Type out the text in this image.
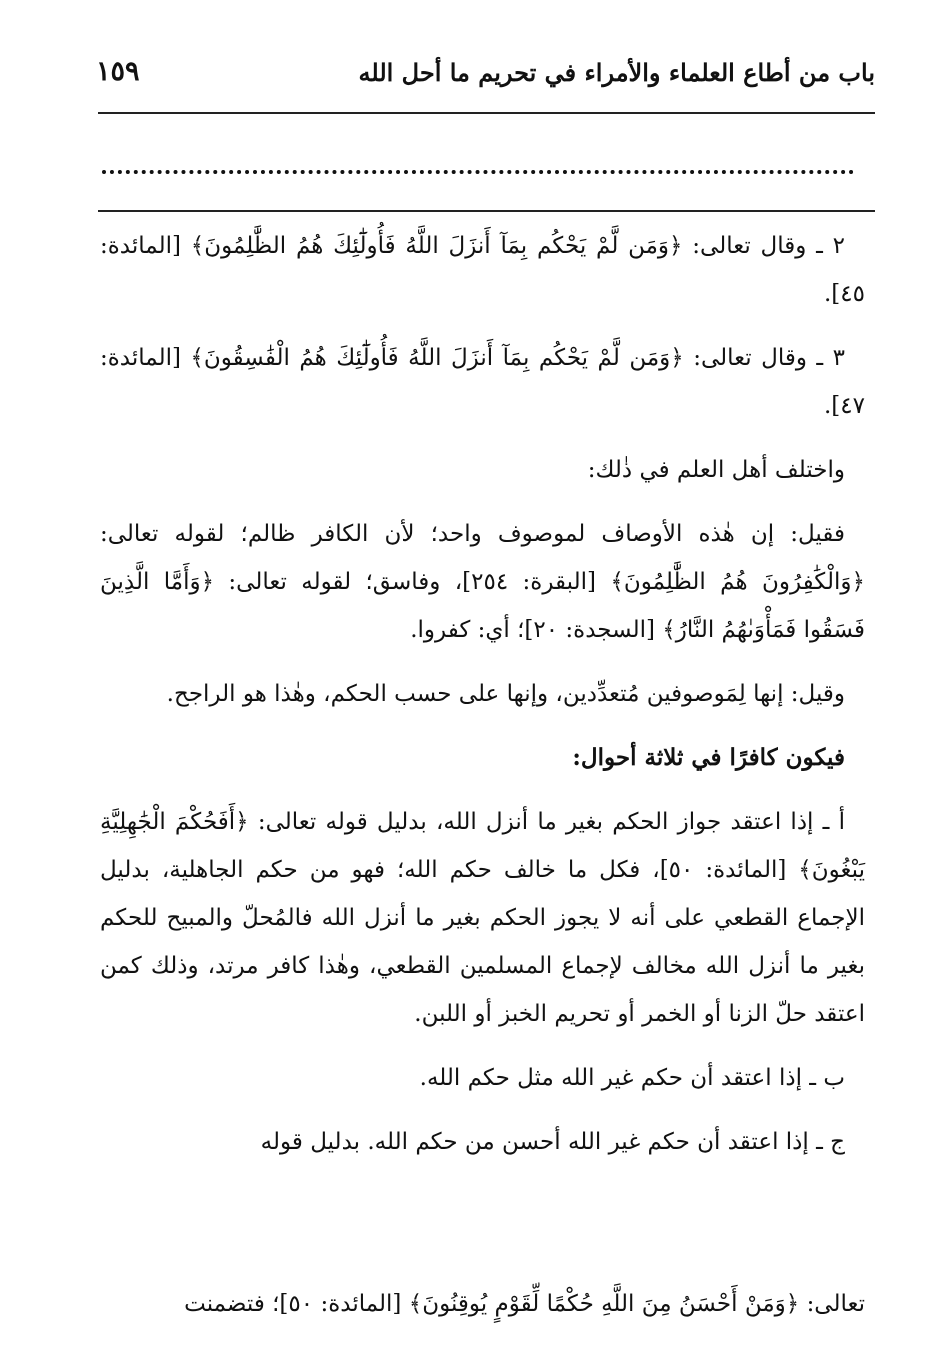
باب من أطاع العلماء والأمراء في تحريم ما أحل الله
١٥٩

٢ ـ وقال تعالى: ﴿وَمَن لَّمْ يَحْكُم بِمَآ أَنزَلَ اللَّهُ فَأُولَٰٓئِكَ هُمُ الظَّٰلِمُونَ﴾ [المائدة: ٤٥].

٣ ـ وقال تعالى: ﴿وَمَن لَّمْ يَحْكُم بِمَآ أَنزَلَ اللَّهُ فَأُولَٰٓئِكَ هُمُ الْفَٰسِقُونَ﴾ [المائدة: ٤٧].

واختلف أهل العلم في ذٰلك:

فقيل: إن هٰذه الأوصاف لموصوف واحد؛ لأن الكافر ظالم؛ لقوله تعالى: ﴿وَالْكَٰفِرُونَ هُمُ الظَّٰلِمُونَ﴾ [البقرة: ٢٥٤]، وفاسق؛ لقوله تعالى: ﴿وَأَمَّا الَّذِينَ فَسَقُوا فَمَأْوَىٰهُمُ النَّارُ﴾ [السجدة: ٢٠]؛ أي: كفروا.

وقيل: إنها لِمَوصوفين مُتعدِّدين، وإنها على حسب الحكم، وهٰذا هو الراجح.

فيكون كافرًا في ثلاثة أحوال:

أ ـ إذا اعتقد جواز الحكم بغير ما أنزل الله، بدليل قوله تعالى: ﴿أَفَحُكْمَ الْجَٰهِلِيَّةِ يَبْغُونَ﴾ [المائدة: ٥٠]، فكل ما خالف حكم الله؛ فهو من حكم الجاهلية، بدليل الإجماع القطعي على أنه لا يجوز الحكم بغير ما أنزل الله فالمُحلّ والمبيح للحكم بغير ما أنزل الله مخالف لإجماع المسلمين القطعي، وهٰذا كافر مرتد، وذلك كمن اعتقد حلّ الزنا أو الخمر أو تحريم الخبز أو اللبن.

ب ـ إذا اعتقد أن حكم غير الله مثل حكم الله.

ج ـ إذا اعتقد أن حكم غير الله أحسن من حكم الله. بدليل قوله

تعالى: ﴿وَمَنْ أَحْسَنُ مِنَ اللَّهِ حُكْمًا لِّقَوْمٍ يُوقِنُونَ﴾ [المائدة: ٥٠]؛ فتضمنت
